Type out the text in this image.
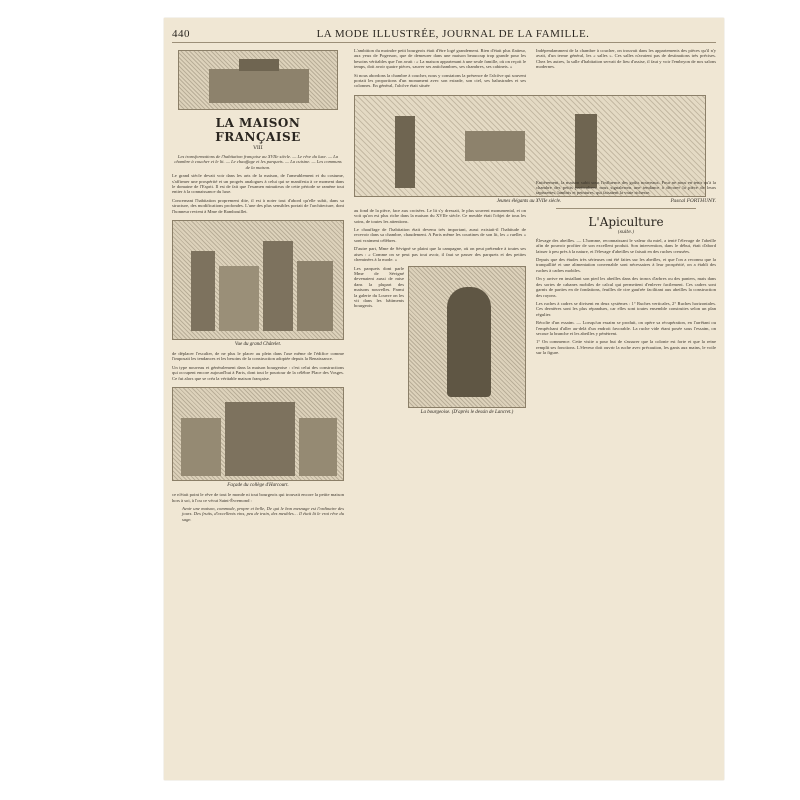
440	LA MODE ILLUSTRÉE, JOURNAL DE LA FAMILLE.
LA MAISON FRANÇAISE
VIII

Les transformations de l'habitation française au XVIIe siècle. — Le rêve du luxe. — La chambre à coucher et le lit. — Le chauffage et les parquets. — La cuisine. — Les communs de la maison.

Le grand siècle devait voir dans les arts de la maison, de l'ameublement et du costume, s'affirmer une prospérité et un progrès analogues à celui qui se manifesta à ce moment dans le domaine de l'Esprit. Il est de fait que l'examen minutieux de cette période se ramène tout entier à la connaissance du luxe.

Concernant l'habitation proprement dite, il est à noter tout d'abord qu'elle subit, dans sa structure, des modifications profondes. L'une des plus sensibles portait de l'architecture, dont l'honneur revient à Mme de Rambouillet.

Vue du grand Châtelet.

de déplacer l'escalier, de ne plus le placer au plein dans l'axe même de l'édifice comme l'imposait les tendances et les besoins de la construction adoptée depuis la Renaissance.

Un type nouveau et généralement dans la maison bourgeoise : c'est celui des constructions qui occupent encore aujourd'hui à Paris, dont tout le pourtour de la célèbre Place des Vosges. Ce fut alors que se créa la véritable maison française.

Façade du collège d'Harcourt.

ce n'était point le rêve de tout le monde ni tout bourgeois qui trouvait encore la petite maison hors à soi, à l'ou ce vécut Saint-Évremond :

Avoir une maison, commode, propre et belle, De qui le bon mesnage est l'ordinaire des jours. Des fruits, d'excellents vins, peu de train, des meubles… Il était là le vrai rêve du sage.

L'ambition du moindre petit bourgeois était d'être logé grandement. Rien d'était plus flatteur, aux yeux de Pogerson, que de demeurer dans une maison beaucoup trop grande pour les besoins véritables que l'on avait : « La maison appartenant à une seule famille, où on reçoit le temps, doit avoir quatre pièces, sauver ses antichambres, ses chambres, ses cabinets. »

Si nous abordons la chambre à coucher, nous y constatons la présence de l'alcôve qui souvent portait les proportions d'un monument avec son estrade, son ciel, ses balustrades et ses colonnes. En général, l'alcôve était située

Jeunes élégants au XVIIe siècle.

au fond de la pièce, face aux croisées. Le lit s'y dressait, le plus souvent monumental, et on voit qu'on est plus riche dans la maison du XVIIe siècle. Ce meuble était l'objet de tous les soins, de toutes les attentions.

Le chauffage de l'habitation était devenu très important, aussi existait-il l'habitude de recevoir dans sa chambre, chaudement. A Paris même les courtines de son lit, les « ruelles » sont vraiment célèbres.

D'autre part, Mme de Sévigné se plaint que la campagne, où on peut prétendre à toutes ses aises : « Comme on se peut pas tout avoir, il faut se passer des parquets et des petites cheminées à la mode. »

Les parquets dont parle Mme de Sévigné devenaient aussi de mise dans la plupart des maisons nouvelles. Parmi la galerie du Louvre on les vit dans les bâtiments bourgeois.

La bourgeoise. (D'après le dessin de Lancret.)

Indépendamment de la chambre à coucher, on trouvait dans les appartements des pièces qu'il n'y avait, d'un terme général, les « salles ». Ces salles n'avaient pas de destinations très précises. Chez les autres, la salle d'habitation servait de lieu d'assise, il faut y voir l'embryon de nos salons modernes.

Entièrement, la maison subit sous l'influence des goûts nouveaux. Pour ne nous en tenir qu'à la chambre des petits particuliers, nous signalerons une tendance à décorer la pièce de leurs tapisseries, lambris et peintures, qui faisaient la vraie richesse.

Pascal FORTHUNY.
L'Apiculture
(suite.)

Élevage des abeilles. — L'homme, reconnaissant le valeur du miel, a tenté l'élevage de l'abeille afin de pouvoir profiter de son excellent produit. Son intervention, dans le début, était d'abord laisser à peu près à la nature, et l'élevage d'abeilles se faisait en des ruches creusées.

Depuis que des études très sérieuses ont été faites sur les abeilles, et que l'on a reconnu que la tranquillité et une alimentation convenable sont nécessaires à leur prospérité, on a établi des ruches à cadres mobiles.

On y arrive en installant son pied les abeilles dans des troncs d'arbres ou des paniers, mais dans des sortes de cabanes mobiles de calcul qui permettent d'enlever facilement. Ces cadres sont garnis de parties en de fondations, feuilles de cire gaufrée facilitant aux abeilles la construction des rayons.

Les ruches à cadres se divisent en deux systèmes : 1° Ruches verticales, 2° Ruches horizontales. Ces dernières sont les plus répandues, car elles sont toutes ensemble construites selon un plan régulier.

Récolte d'un essaim. — Lorsqu'un essaim se produit, on opère sa récupération, en l'arrêtant ou l'empêchant d'aller au-delà d'un endroit favorable. La ruche vide étant posée sous l'essaim, on secoue la branche et les abeilles y pénètrent.

1° On commence. Cette visite a pour but de s'assurer que la colonie est forte et que la reine remplit ses fonctions. L'éleveur doit ouvrir la ruche avec précaution, les gants aux mains, le voile sur la figure.
